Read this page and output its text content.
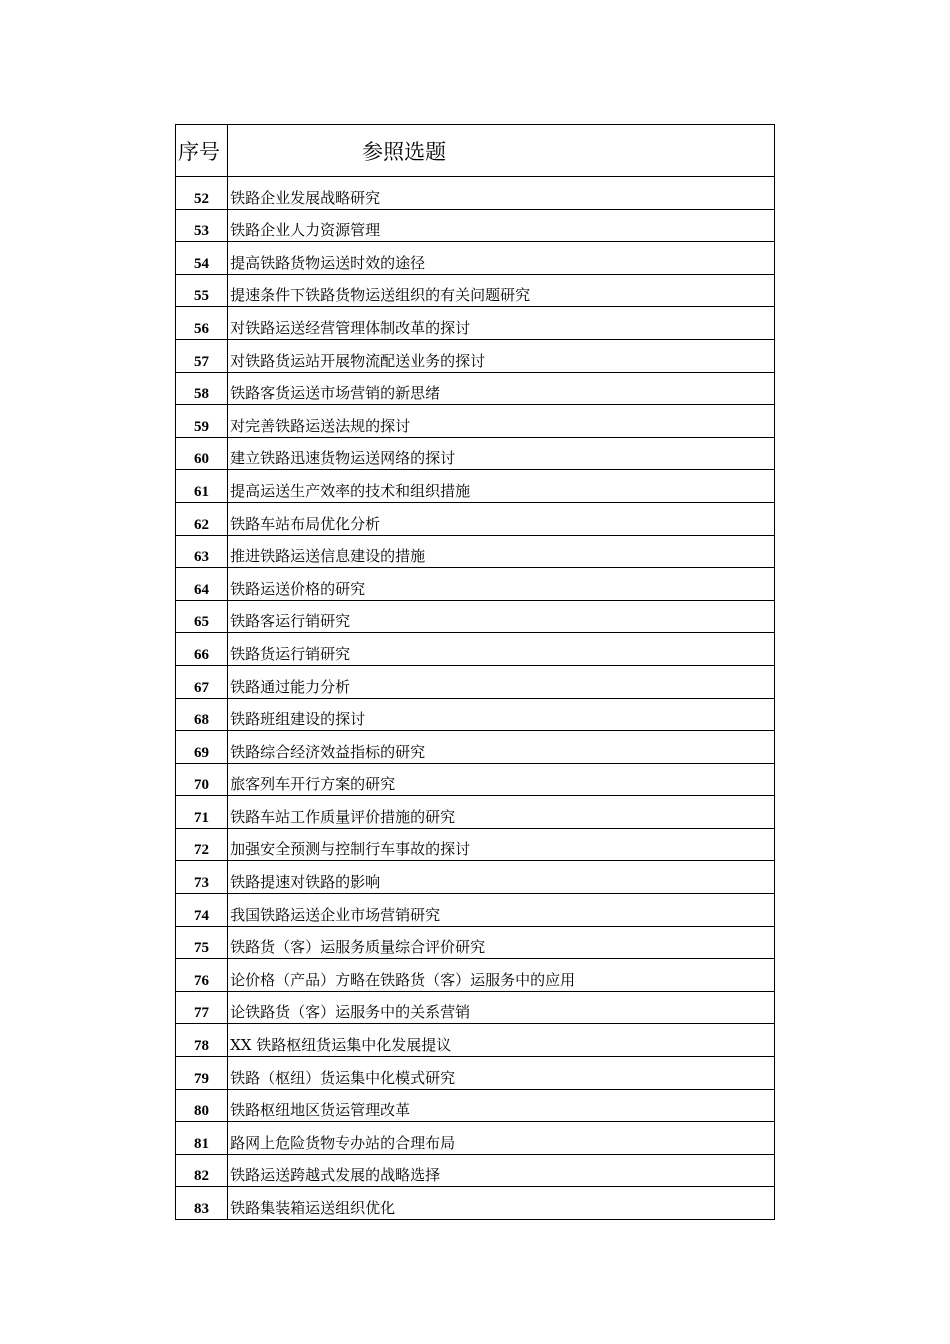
序号	参照选题
52	铁路企业发展战略研究
53	铁路企业人力资源管理
54	提高铁路货物运送时效的途径
55	提速条件下铁路货物运送组织的有关问题研究
56	对铁路运送经营管理体制改革的探讨
57	对铁路货运站开展物流配送业务的探讨
58	铁路客货运送市场营销的新思绪
59	对完善铁路运送法规的探讨
60	建立铁路迅速货物运送网络的探讨
61	提高运送生产效率的技术和组织措施
62	铁路车站布局优化分析
63	推进铁路运送信息建设的措施
64	铁路运送价格的研究
65	铁路客运行销研究
66	铁路货运行销研究
67	铁路通过能力分析
68	铁路班组建设的探讨
69	铁路综合经济效益指标的研究
70	旅客列车开行方案的研究
71	铁路车站工作质量评价措施的研究
72	加强安全预测与控制行车事故的探讨
73	铁路提速对铁路的影响
74	我国铁路运送企业市场营销研究
75	铁路货（客）运服务质量综合评价研究
76	论价格（产品）方略在铁路货（客）运服务中的应用
77	论铁路货（客）运服务中的关系营销
78	XX 铁路枢纽货运集中化发展提议
79	铁路（枢纽）货运集中化模式研究
80	铁路枢纽地区货运管理改革
81	路网上危险货物专办站的合理布局
82	铁路运送跨越式发展的战略选择
83	铁路集装箱运送组织优化
